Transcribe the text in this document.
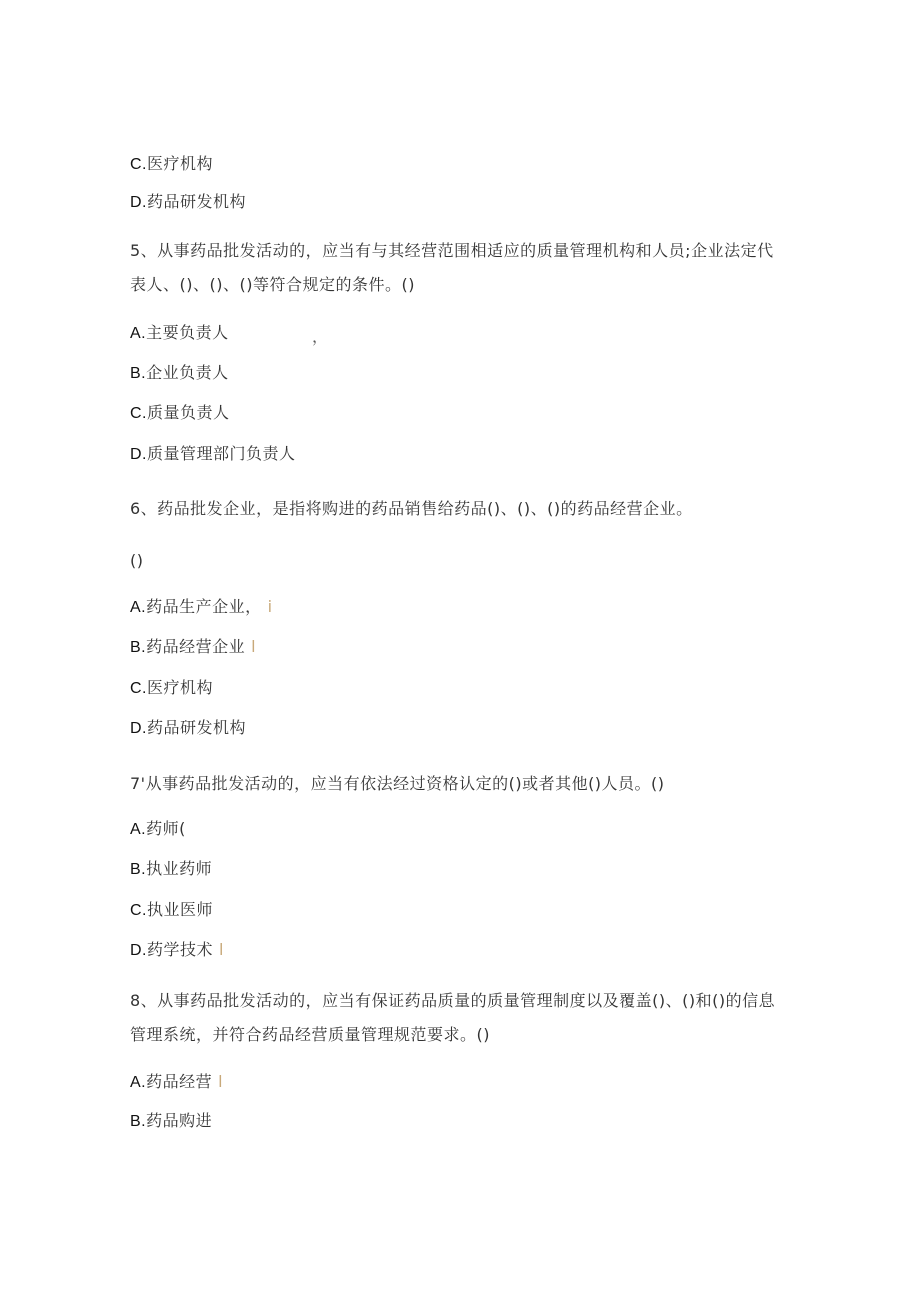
C.医疗机构
D.药品研发机构
5、从事药品批发活动的，应当有与其经营范围相适应的质量管理机构和人员;企业法定代表人、()、()、()等符合规定的条件。()
A.主要负责人	，
B.企业负责人
C.质量负责人
D.质量管理部门负责人
6、药品批发企业，是指将购进的药品销售给药品()、()、()的药品经营企业。
()
A.药品生产企业， i
B.药品经营企业 l
C.医疗机构
D.药品研发机构
7'从事药品批发活动的，应当有依法经过资格认定的()或者其他()人员。()
A.药师(
B.执业药师
C.执业医师
D.药学技术 l
8、从事药品批发活动的，应当有保证药品质量的质量管理制度以及覆盖()、()和()的信息管理系统，并符合药品经营质量管理规范要求。()
A.药品经营 l
B.药品购进
